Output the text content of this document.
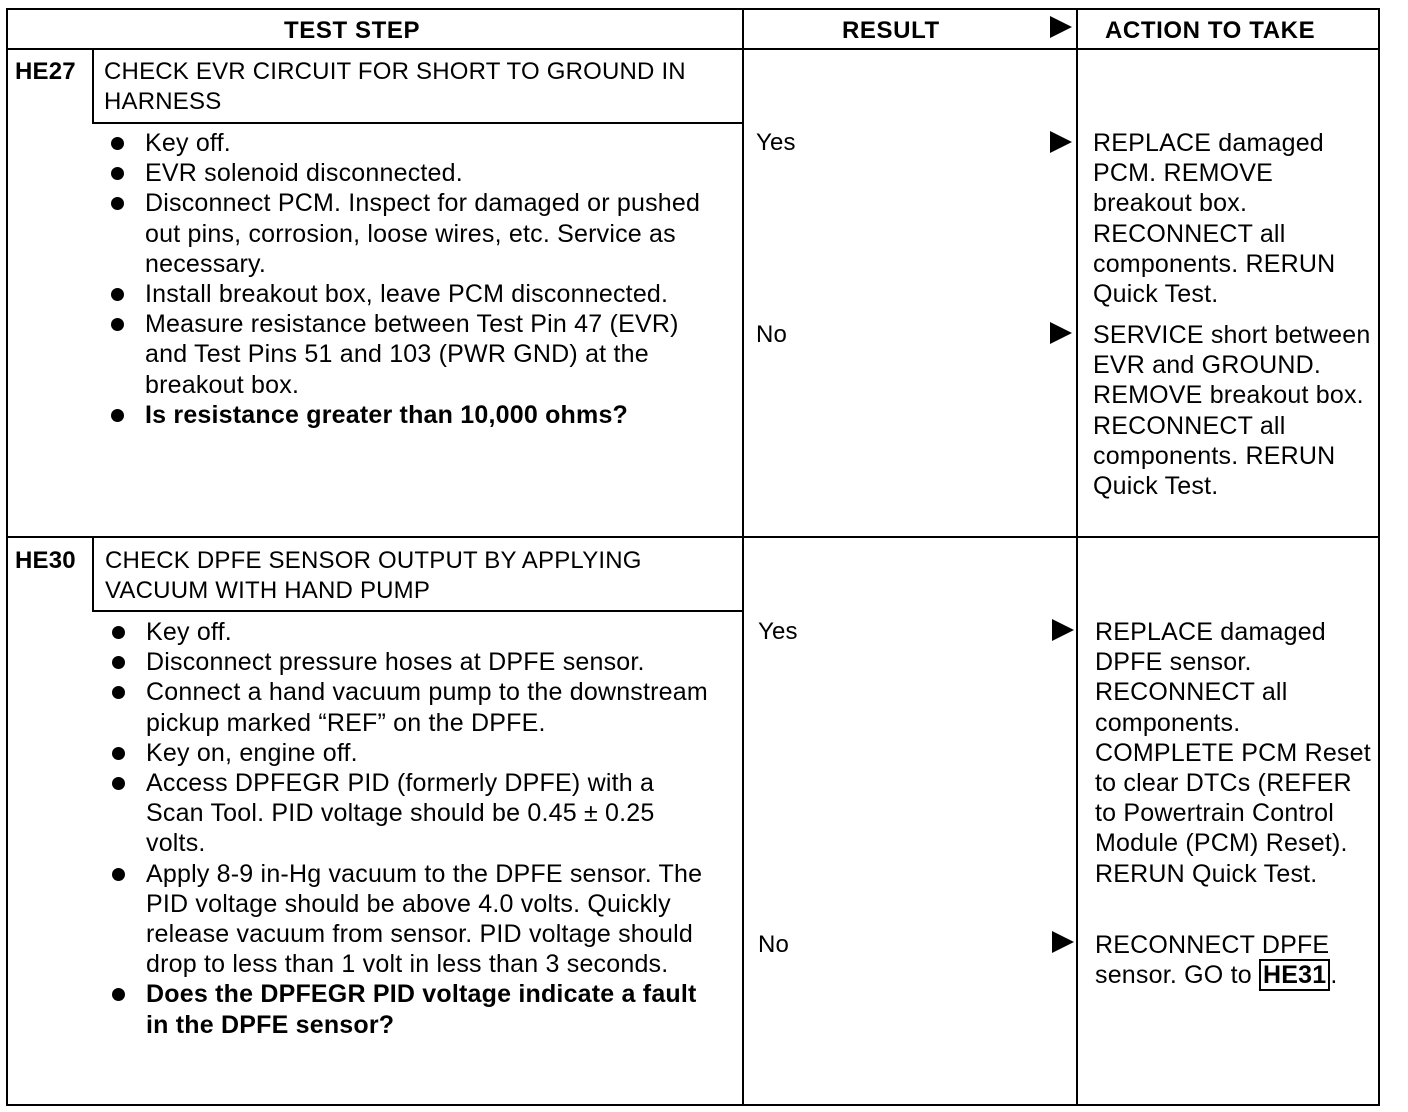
TEST STEP	RESULT	ACTION TO TAKE
HE27 CHECK EVR CIRCUIT FOR SHORT TO GROUND IN HARNESS
Key off.
EVR solenoid disconnected.
Disconnect PCM. Inspect for damaged or pushed out pins, corrosion, loose wires, etc. Service as necessary.
Install breakout box, leave PCM disconnected.
Measure resistance between Test Pin 47 (EVR) and Test Pins 51 and 103 (PWR GND) at the breakout box.
Is resistance greater than 10,000 ohms?
Yes	REPLACE damaged PCM. REMOVE breakout box. RECONNECT all components. RERUN Quick Test.
No	SERVICE short between EVR and GROUND. REMOVE breakout box. RECONNECT all components. RERUN Quick Test.
HE30 CHECK DPFE SENSOR OUTPUT BY APPLYING VACUUM WITH HAND PUMP
Key off.
Disconnect pressure hoses at DPFE sensor.
Connect a hand vacuum pump to the downstream pickup marked “REF” on the DPFE.
Key on, engine off.
Access DPFEGR PID (formerly DPFE) with a Scan Tool. PID voltage should be 0.45 ± 0.25 volts.
Apply 8-9 in-Hg vacuum to the DPFE sensor. The PID voltage should be above 4.0 volts. Quickly release vacuum from sensor. PID voltage should drop to less than 1 volt in less than 3 seconds.
Does the DPFEGR PID voltage indicate a fault in the DPFE sensor?
Yes	REPLACE damaged DPFE sensor. RECONNECT all components. COMPLETE PCM Reset to clear DTCs (REFER to Powertrain Control Module (PCM) Reset). RERUN Quick Test.
No	RECONNECT DPFE sensor. GO to HE31 .
